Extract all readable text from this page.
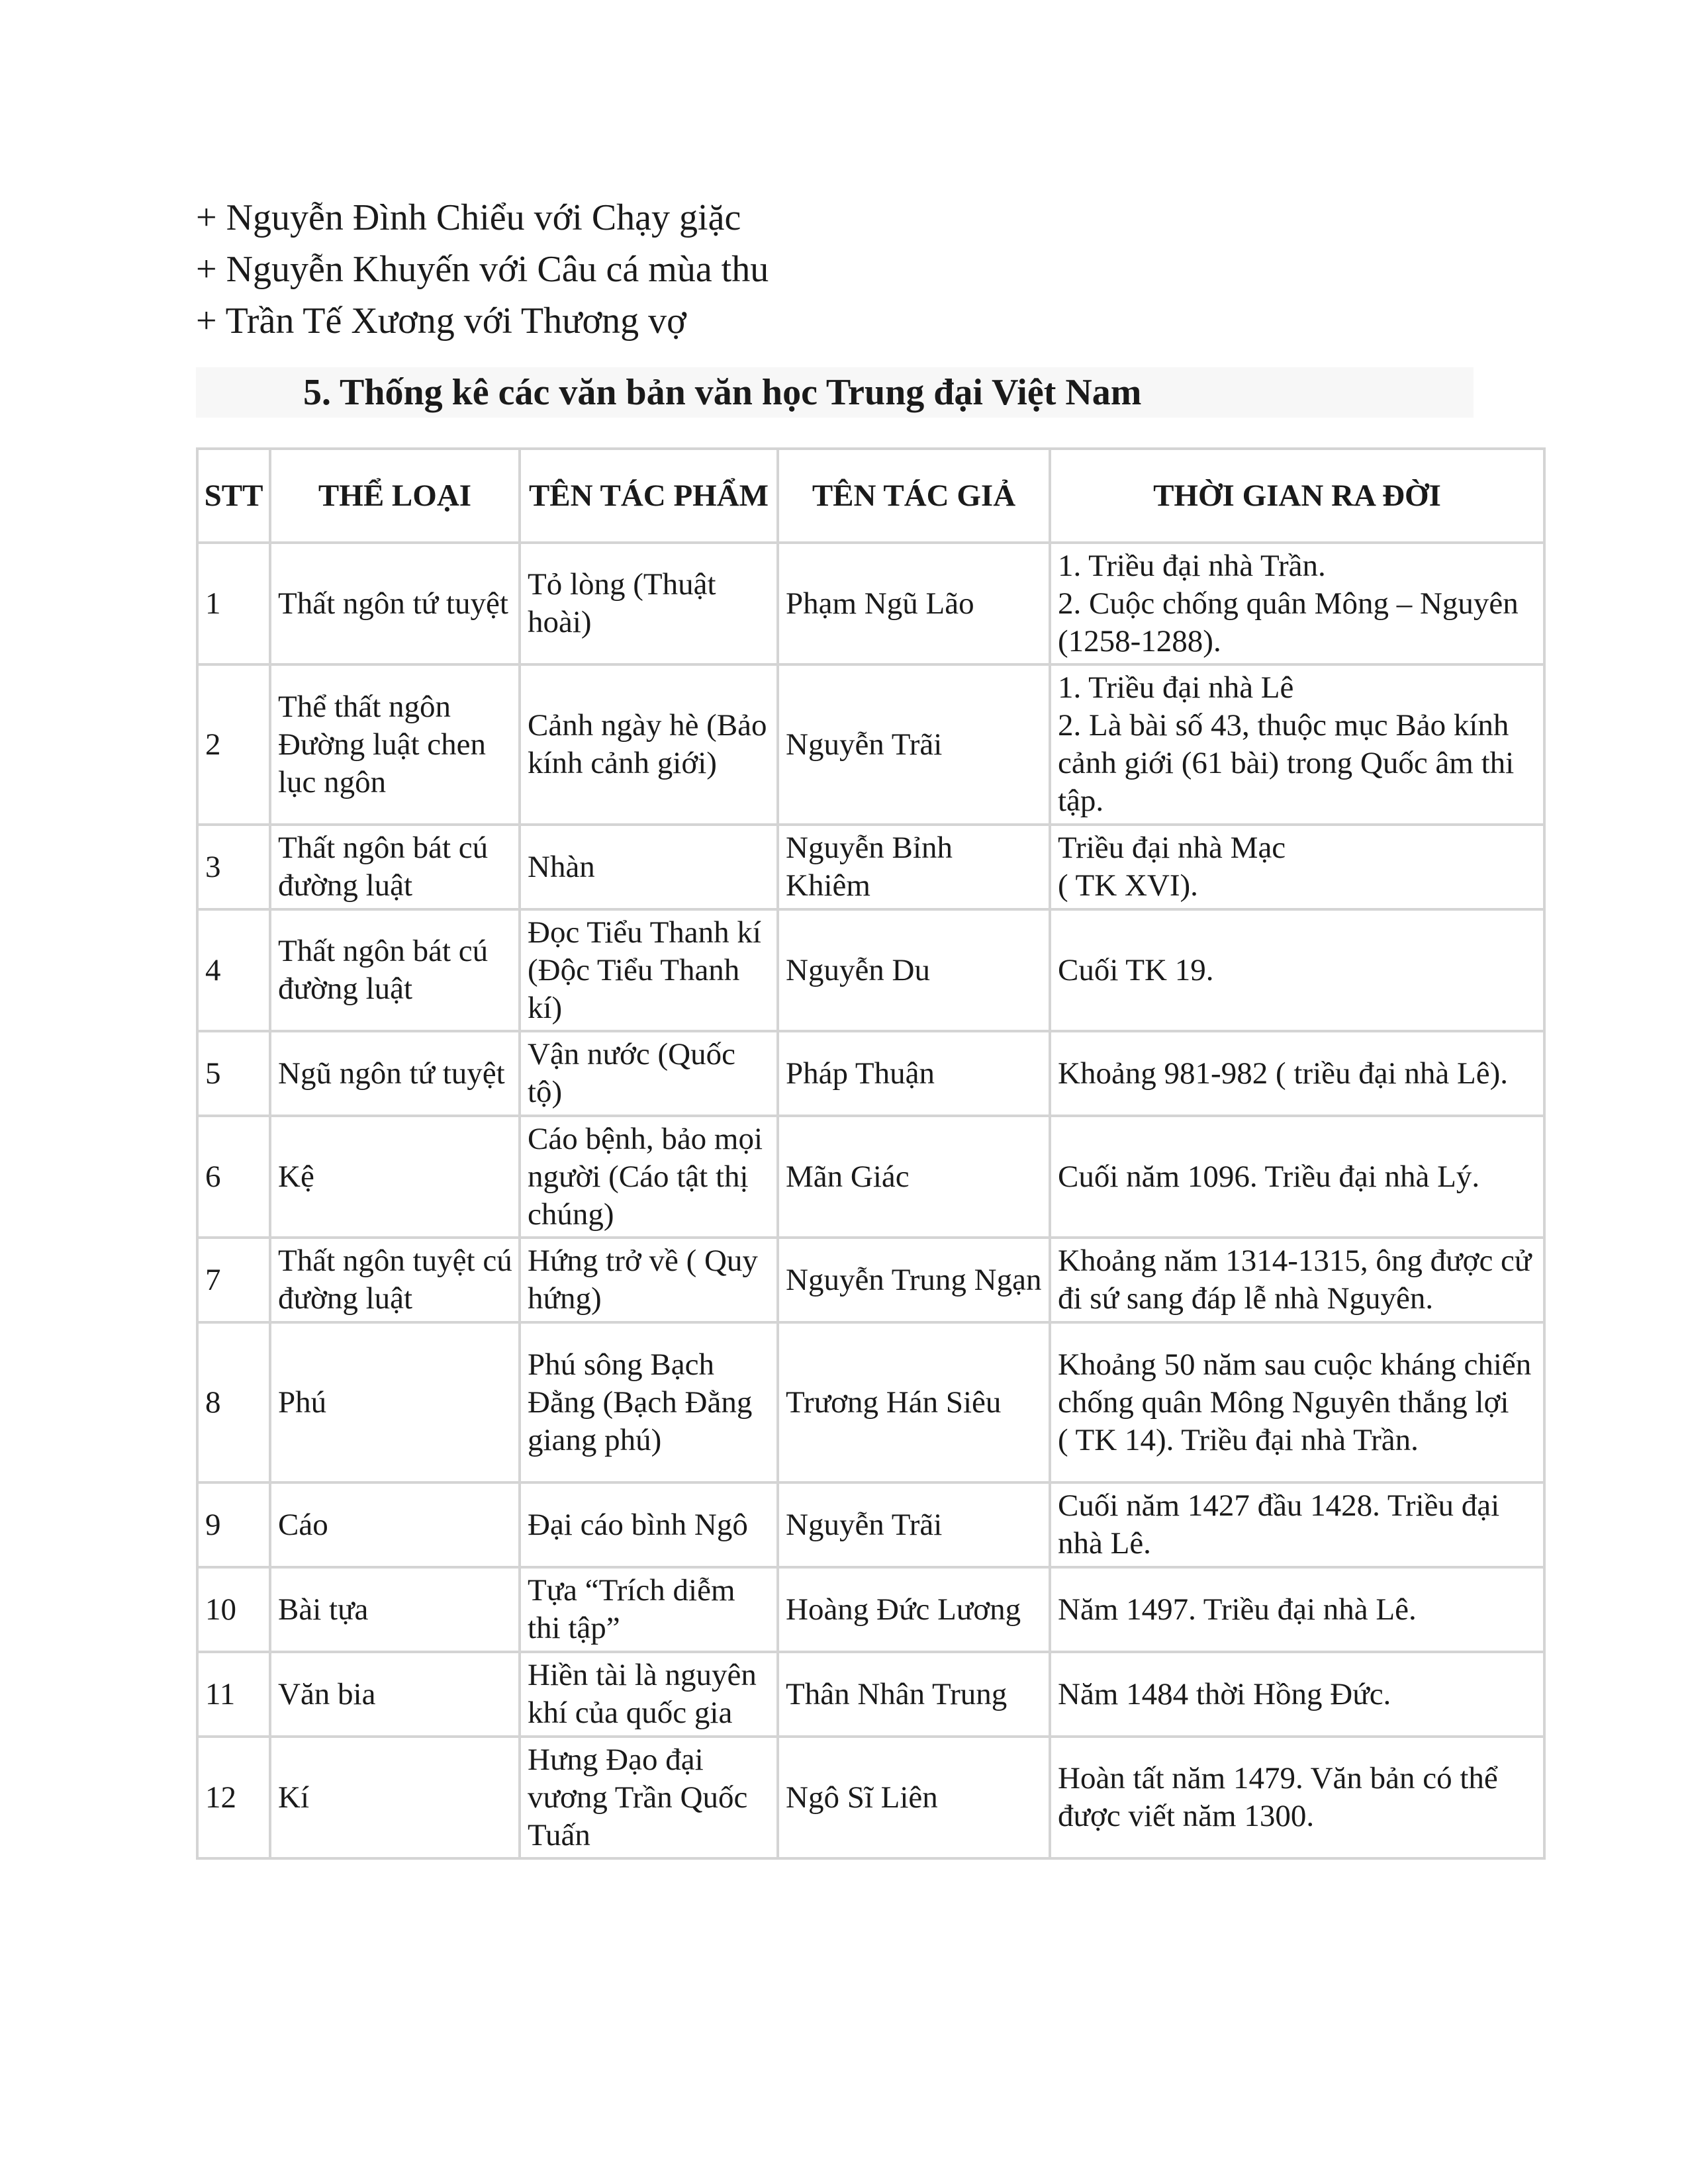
+ Nguyễn Đình Chiểu với Chạy giặc
+ Nguyễn Khuyến với Câu cá mùa thu
+ Trần Tế Xương với Thương vợ
5. Thống kê các văn bản văn học Trung đại Việt Nam
STT	THỂ LOẠI	TÊN TÁC PHẨM	TÊN TÁC GIẢ	THỜI GIAN RA ĐỜI
1	Thất ngôn tứ tuyệt	Tỏ lòng (Thuật hoài)	Phạm Ngũ Lão	1. Triều đại nhà Trần.
2. Cuộc chống quân Mông – Nguyên (1258-1288).
2	Thể thất ngôn Đường luật chen lục ngôn	Cảnh ngày hè (Bảo kính cảnh giới)	Nguyễn Trãi	1. Triều đại nhà Lê
2. Là bài số 43, thuộc mục Bảo kính cảnh giới (61 bài) trong Quốc âm thi tập.
3	Thất ngôn bát cú đường luật	Nhàn	Nguyễn Bỉnh Khiêm	Triều đại nhà Mạc
( TK XVI).
4	Thất ngôn bát cú đường luật	Đọc Tiểu Thanh kí (Độc Tiểu Thanh kí)	Nguyễn Du	Cuối TK 19.
5	Ngũ ngôn tứ tuyệt	Vận nước (Quốc tộ)	Pháp Thuận	Khoảng 981-982 ( triều đại nhà Lê).
6	Kệ	Cáo bệnh, bảo mọi người (Cáo tật thị chúng)	Mãn Giác	Cuối năm 1096. Triều đại nhà Lý.
7	Thất ngôn tuyệt cú đường luật	Hứng trở về ( Quy hứng)	Nguyễn Trung Ngạn	Khoảng năm 1314-1315, ông được cử đi sứ sang đáp lễ nhà Nguyên.
8	Phú	Phú sông Bạch Đằng (Bạch Đằng giang phú)	Trương Hán Siêu	Khoảng 50 năm sau cuộc kháng chiến chống quân Mông Nguyên thắng lợi
( TK 14). Triều đại nhà Trần.
9	Cáo	Đại cáo bình Ngô	Nguyễn Trãi	Cuối năm 1427 đầu 1428. Triều đại nhà Lê.
10	Bài tựa	Tựa “Trích diễm thi tập”	Hoàng Đức Lương	Năm 1497. Triều đại nhà Lê.
11	Văn bia	Hiền tài là nguyên khí của quốc gia	Thân Nhân Trung	Năm 1484 thời Hồng Đức.
12	Kí	Hưng Đạo đại vương Trần Quốc Tuấn	Ngô Sĩ Liên	Hoàn tất năm 1479. Văn bản có thể được viết năm 1300.
